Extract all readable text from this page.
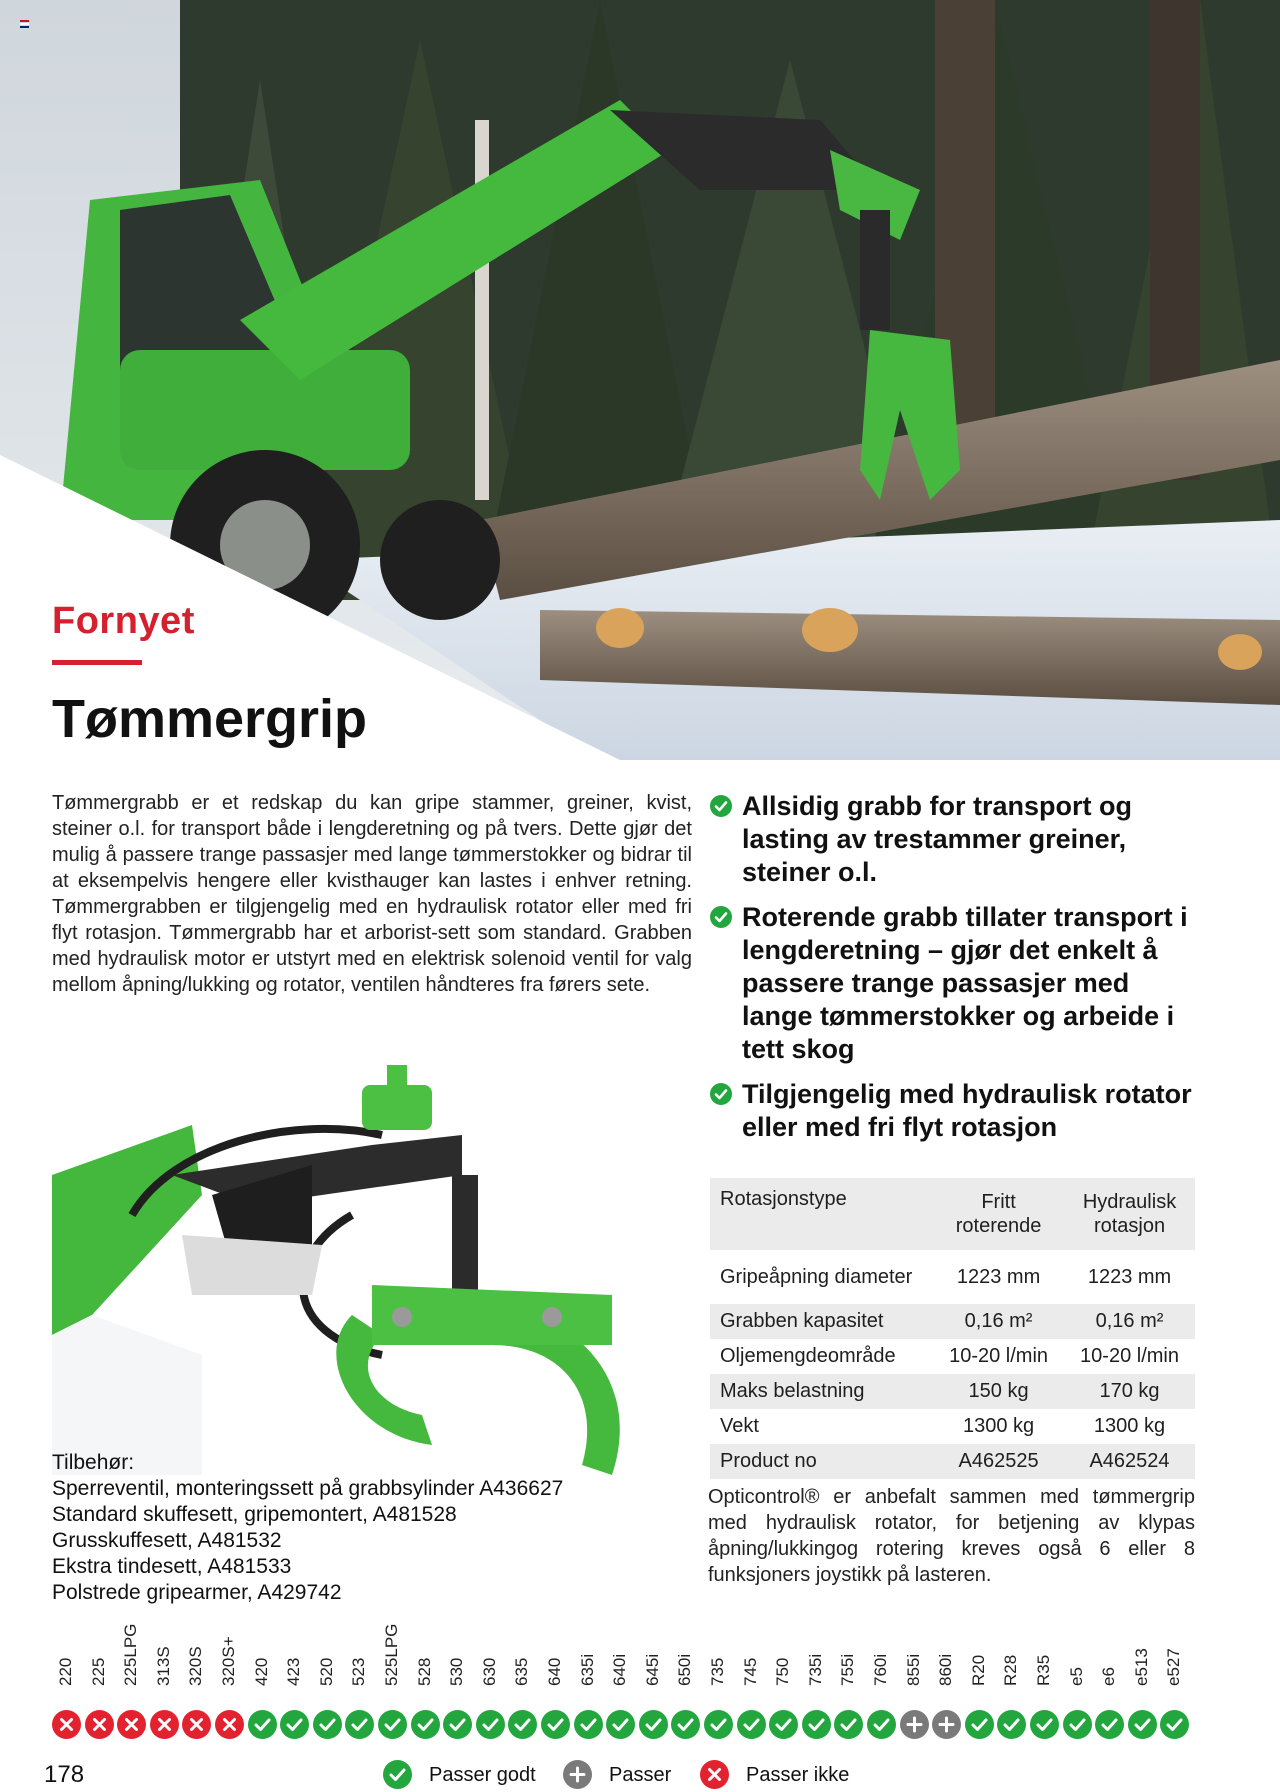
Fornyet
Tømmergrip
Tømmergrabb er et redskap du kan gripe stammer, greiner, kvist, steiner o.l. for transport både i lengderetning og på tvers. Dette gjør det mulig å passere trange passasjer med lange tømmerstokker og bidrar til at eksempelvis hengere eller kvisthauger kan lastes i enhver retning. Tømmergrabben er tilgjengelig med en hydraulisk rotator eller med fri flyt rotasjon. Tømmergrabb har et arborist-sett som standard. Grabben med hydraulisk motor er utstyrt med en elektrisk solenoid ventil for valg mellom åpning/lukking og rotator, ventilen håndteres fra førers sete.
Allsidig grabb for transport og lasting av trestammer greiner, steiner o.l.
Roterende grabb tillater transport i lengderetning – gjør det enkelt å passere trange passasjer med lange tømmerstokker og arbeide i tett skog
Tilgjengelig med hydraulisk rotator eller med fri flyt rotasjon
Tilbehør:
Sperreventil, monteringssett på grabbsylinder A436627
Standard skuffesett, gripemontert, A481528
Grusskuffesett, A481532
Ekstra tindesett, A481533
Polstrede gripearmer, A429742
Rotasjonstype	Fritt roterende	Hydraulisk rotasjon
Gripeåpning diameter	1223 mm	1223 mm
Grabben kapasitet	0,16 m²	0,16 m²
Oljemengdeområde	10-20 l/min	10-20 l/min
Maks belastning	150 kg	170 kg
Vekt	1300 kg	1300 kg
Product no	A462525	A462524
Opticontrol® er anbefalt sammen med tømmergrip med hydraulisk rotator, for betjening av klypas åpning/lukkingog rotering kreves også 6 eller 8 funksjoners joystikk på lasteren.
220 225 225LPG 313S 320S 320S+ 420 423 520 523 525LPG 528 530 630 635 640 635i 640i 645i 650i 735 745 750 735i 755i 760i 855i 860i R20 R28 R35 e5 e6 e513 e527
178	Passer godt	Passer	Passer ikke
